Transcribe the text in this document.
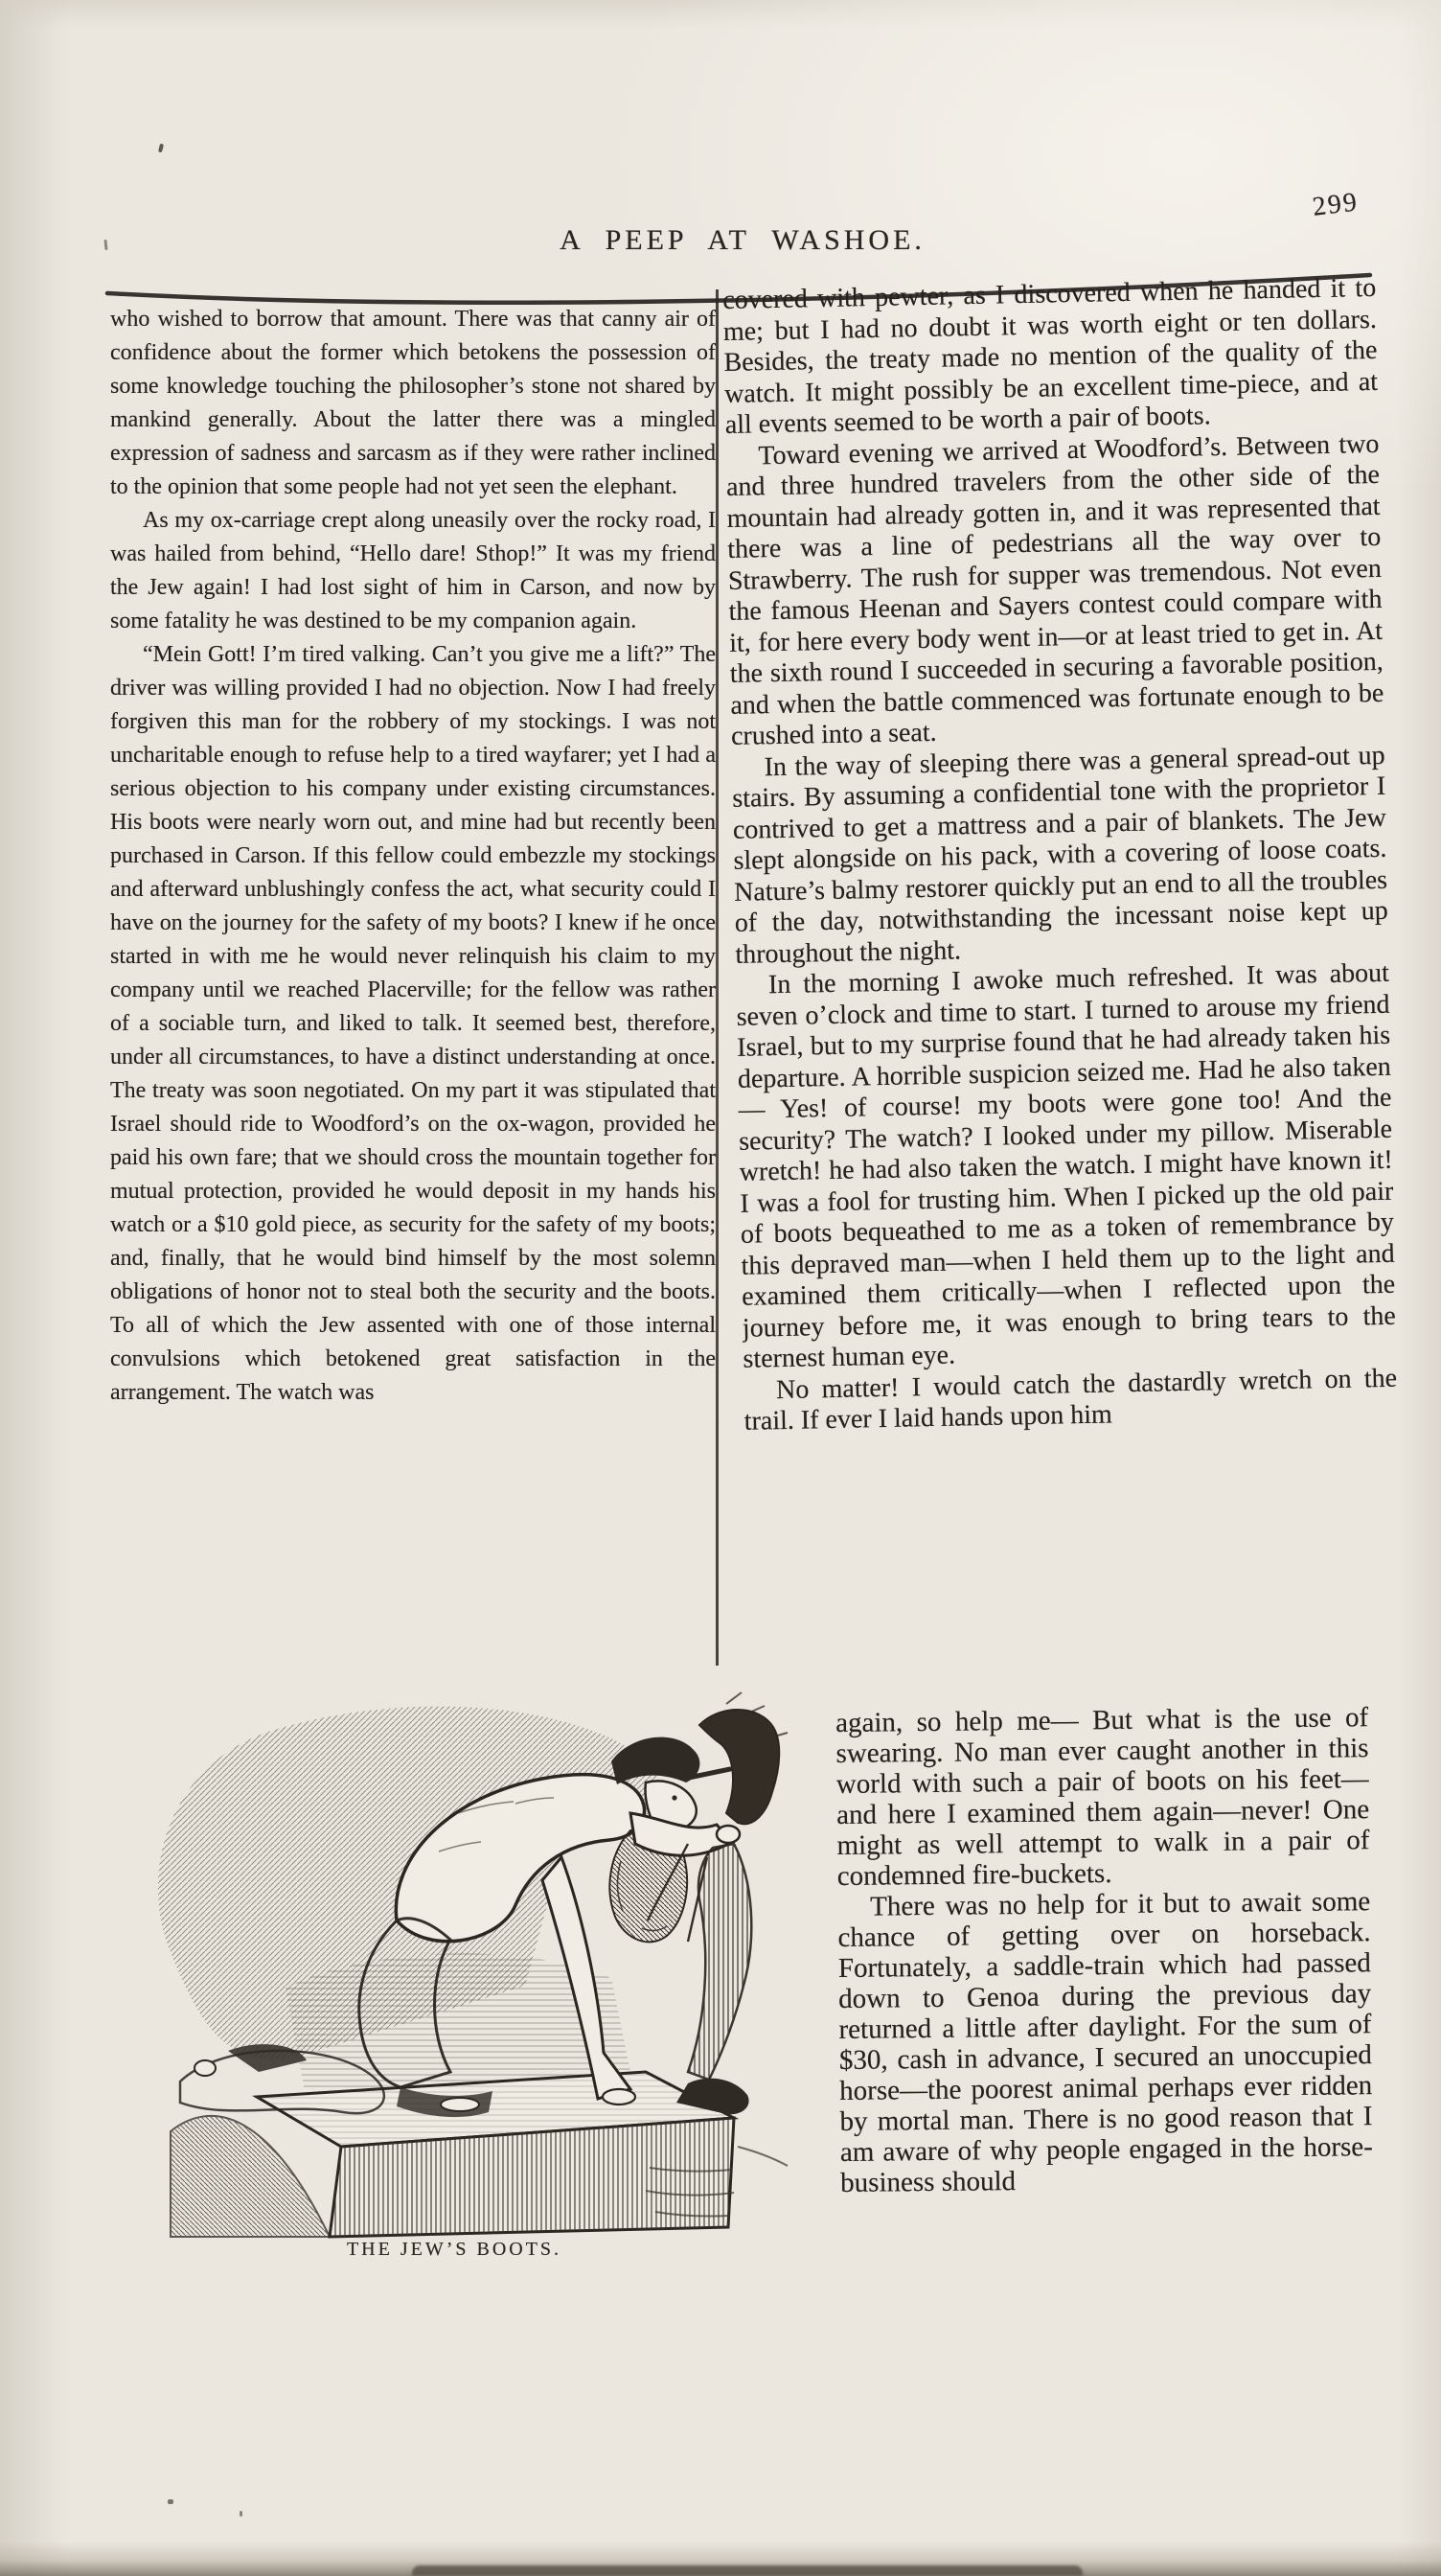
A PEEP AT WASHOE.
299

who wished to borrow that amount. There was that canny air of confidence about the former which betokens the possession of some knowledge touching the philosopher’s stone not shared by mankind generally. About the latter there was a mingled expression of sadness and sarcasm as if they were rather inclined to the opinion that some people had not yet seen the elephant.

As my ox-carriage crept along uneasily over the rocky road, I was hailed from behind, “Hello dare! Sthop!” It was my friend the Jew again! I had lost sight of him in Carson, and now by some fatality he was destined to be my companion again.

“Mein Gott! I’m tired valking. Can’t you give me a lift?” The driver was willing provided I had no objection. Now I had freely forgiven this man for the robbery of my stockings. I was not uncharitable enough to refuse help to a tired wayfarer; yet I had a serious objection to his company under existing circumstances. His boots were nearly worn out, and mine had but recently been purchased in Carson. If this fellow could embezzle my stockings and afterward unblushingly confess the act, what security could I have on the journey for the safety of my boots? I knew if he once started in with me he would never relinquish his claim to my company until we reached Placerville; for the fellow was rather of a sociable turn, and liked to talk. It seemed best, therefore, under all circumstances, to have a distinct understanding at once. The treaty was soon negotiated. On my part it was stipulated that Israel should ride to Woodford’s on the ox-wagon, provided he paid his own fare; that we should cross the mountain together for mutual protection, provided he would deposit in my hands his watch or a $10 gold piece, as security for the safety of my boots; and, finally, that he would bind himself by the most solemn obligations of honor not to steal both the security and the boots. To all of which the Jew assented with one of those internal convulsions which betokened great satisfaction in the arrangement. The watch was

covered with pewter, as I discovered when he handed it to me; but I had no doubt it was worth eight or ten dollars. Besides, the treaty made no mention of the quality of the watch. It might possibly be an excellent time-piece, and at all events seemed to be worth a pair of boots.

Toward evening we arrived at Woodford’s. Between two and three hundred travelers from the other side of the mountain had already gotten in, and it was represented that there was a line of pedestrians all the way over to Strawberry. The rush for supper was tremendous. Not even the famous Heenan and Sayers contest could compare with it, for here every body went in—or at least tried to get in. At the sixth round I succeeded in securing a favorable position, and when the battle commenced was fortunate enough to be crushed into a seat.

In the way of sleeping there was a general spread-out up stairs. By assuming a confidential tone with the proprietor I contrived to get a mattress and a pair of blankets. The Jew slept alongside on his pack, with a covering of loose coats. Nature’s balmy restorer quickly put an end to all the troubles of the day, notwithstanding the incessant noise kept up throughout the night.

In the morning I awoke much refreshed. It was about seven o’clock and time to start. I turned to arouse my friend Israel, but to my surprise found that he had already taken his departure. A horrible suspicion seized me. Had he also taken— Yes! of course! my boots were gone too! And the security? The watch? I looked under my pillow. Miserable wretch! he had also taken the watch. I might have known it! I was a fool for trusting him. When I picked up the old pair of boots bequeathed to me as a token of remembrance by this depraved man—when I held them up to the light and examined them critically—when I reflected upon the journey before me, it was enough to bring tears to the sternest human eye.

No matter! I would catch the dastardly wretch on the trail. If ever I laid hands upon him

again, so help me— But what is the use of swearing. No man ever caught another in this world with such a pair of boots on his feet—and here I examined them again—never! One might as well attempt to walk in a pair of condemned fire-buckets.

There was no help for it but to await some chance of getting over on horseback. Fortunately, a saddle-train which had passed down to Genoa during the previous day returned a little after daylight. For the sum of $30, cash in advance, I secured an unoccupied horse—the poorest animal perhaps ever ridden by mortal man. There is no good reason that I am aware of why people engaged in the horse-business should

THE JEW’S BOOTS.
